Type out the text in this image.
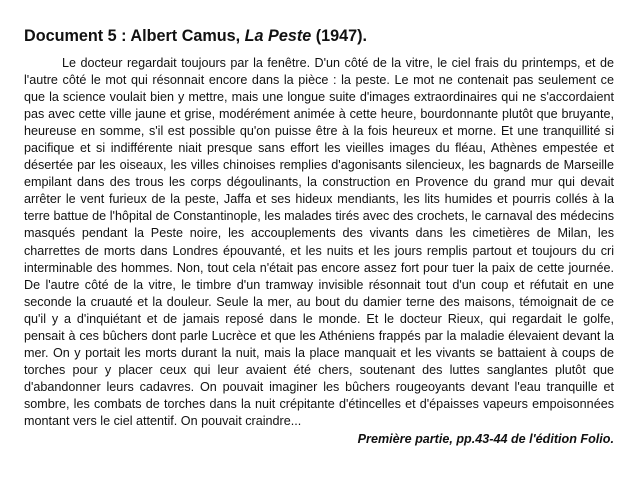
Document 5 : Albert Camus, La Peste (1947).

Le docteur regardait toujours par la fenêtre. D'un côté de la vitre, le ciel frais du printemps, et de l'autre côté le mot qui résonnait encore dans la pièce : la peste. Le mot ne contenait pas seulement ce que la science voulait bien y mettre, mais une longue suite d'images extraordinaires qui ne s'accordaient pas avec cette ville jaune et grise, modérément animée à cette heure, bourdonnante plutôt que bruyante, heureuse en somme, s'il est possible qu'on puisse être à la fois heureux et morne. Et une tranquillité si pacifique et si indifférente niait presque sans effort les vieilles images du fléau, Athènes empestée et désertée par les oiseaux, les villes chinoises remplies d'agonisants silencieux, les bagnards de Marseille empilant dans des trous les corps dégoulinants, la construction en Provence du grand mur qui devait arrêter le vent furieux de la peste, Jaffa et ses hideux mendiants, les lits humides et pourris collés à la terre battue de l'hôpital de Constantinople, les malades tirés avec des crochets, le carnaval des médecins masqués pendant la Peste noire, les accouplements des vivants dans les cimetières de Milan, les charrettes de morts dans Londres épouvanté, et les nuits et les jours remplis partout et toujours du cri interminable des hommes. Non, tout cela n'était pas encore assez fort pour tuer la paix de cette journée. De l'autre côté de la vitre, le timbre d'un tramway invisible résonnait tout d'un coup et réfutait en une seconde la cruauté et la douleur. Seule la mer, au bout du damier terne des maisons, témoignait de ce qu'il y a d'inquiétant et de jamais reposé dans le monde. Et le docteur Rieux, qui regardait le golfe, pensait à ces bûchers dont parle Lucrèce et que les Athéniens frappés par la maladie élevaient devant la mer. On y portait les morts durant la nuit, mais la place manquait et les vivants se battaient à coups de torches pour y placer ceux qui leur avaient été chers, soutenant des luttes sanglantes plutôt que d'abandonner leurs cadavres. On pouvait imaginer les bûchers rougeoyants devant l'eau tranquille et sombre, les combats de torches dans la nuit crépitante d'étincelles et d'épaisses vapeurs empoisonnées montant vers le ciel attentif. On pouvait craindre...

Première partie, pp.43-44 de l'édition Folio.
